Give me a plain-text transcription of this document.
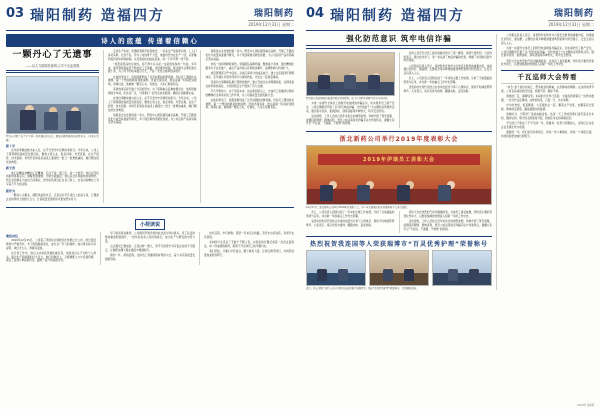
03 瑞阳制药 造福四方	瑞阳制药
2019年12月31日 星期二
诗人的底蕴 传递着信赖心
一颗丹心了无遗事
——以大力推陈医新的公司干无血管吸
图为公司职工在生产车间一线开展技术攻关，精益求精保障药品质量安全。（本报记者 摄）
新十字

在岗位奉献成就出彩人生，在平凡坚守中诠释使命担当。今年以来，公司上下紧紧围绕高质量发展目标，聚焦主责主业，锐意进取、攻坚克难，在生产经营、技术创新、市场开拓等各条战线上涌现出一批又一批勇挑重担、敢打硬仗的先进典型。

新干劲

他们以精益求精的工匠精神，专注于每一道工序、每一个细节；他们以开拓创新的进取意识，破解发展难题、开辟全新路径；他们以无私奉献的赤诚情怀，把企业的事业当成自己的事业，把岗位的责任扛在自己肩上，在各自的舞台上书写着不平凡的业绩。

新作为

一颗丹心为事业，满腔热血铸华章。正是这些平凡岗位上的奋斗者，汇聚起企业持续向上的强大合力，让高质量发展的步伐更加坚实有力。

走进生产车间，机器的轰鸣声此起彼伏，一条条生产线高速运转，工人们各司其职、忙而不乱。作为公司的骨干力量，他始终坚守在生产一线，从原辅料投料到中间体控制，从设备巡检到成品包装，每一个环节都一丝不苟。

“质量是药品的生命线，容不得半点马虎。”这是他常说的一句话。多年来，他带领班组成员不断优化工艺参数，改进操作规程，累计提出合理化建议数十条，为公司节约成本数百万元，产品一次性合格率稳步提升。

在他的带动下，班组逐渐形成了比学赶超的浓厚氛围。年轻员工遇到技术难题，第一个想到的就是找他请教；设备出现异常，他总是第一时间赶到现场。同事们说，他就像一颗定心丸，有他在，大家心里就有底。

荣誉的背后是无数个日夜的坚守。为了保障重点品种按期交付，他连续数周驻守车间，吃住在厂区，与同事们一起攻克技术瓶颈，确保任务圆满完成。

在岗位奉献成就出彩人生，在平凡坚守中诠释使命担当。今年以来，公司上下紧紧围绕高质量发展目标，聚焦主责主业，锐意进取、攻坚克难，在生产经营、技术创新、市场开拓等各条战线上涌现出一批又一批勇挑重担、敢打硬仗的先进典型。

创新是企业发展的第一动力。研发中心团队围绕重点品种，开展工艺路线优化与质量标准提升研究，多个项目取得突破性进展，为公司后续产品布局奠定坚实基础。

创新是企业发展的第一动力。研发中心团队围绕重点品种，开展工艺路线优化与质量标准提升研究，多个项目取得突破性进展，为公司后续产品布局奠定坚实基础。

市场一线同样捷报频传。营销团队深耕终端，聚焦客户需求，通过精细化服务与专业化推广，重点产品市场占有率稳步攀升，品牌影响力持续扩大。

质量管理部门严守底线，从供应商审计到成品放行，建立全流程闭环管理体系，全年通过多项外部审计与现场核查，未发生一起质量事故。

设备动力保障团队推行预防性维护，建立设备全生命周期档案，关键设备完好率保持高位，为连续稳定生产提供了有力支撑。

平凡孕育伟大，实干创造未来。站在新的起点上，全体员工将继续以昂扬的精神状态和务实的工作作风，为公司高质量发展贡献力量。

在他的带动下，班组逐渐形成了比学赶超的浓厚氛围。年轻员工遇到技术难题，第一个想到的就是找他请教；设备出现异常，他总是第一时间赶到现场。同事们说，他就像一颗定心丸，有他在，大家心里就有底。

小荷读说
聚焦岗位

2019年12月15日，公司第三季度综合绩效评比结果正式公布。经过层层筛选与严格考评，多个班组脱颖而出，成为全厂学习的榜样。他们用实际行动证明，岗位无大小，奉献有温度。

在日常工作中，他们主动承担急难险重任务，加班加点从不计较个人得失。面对生产高峰期的巨大压力，他们迎难而上，合理调配人力与设备资源，保证了各项订单按期交付，赢得了客户的高度评价。

学习培训同步推进。公司组织开展多轮技能比武与岗位练兵，员工队伍的整体素质明显提升，一批年轻技术人员迅速成长，成为生产与研发的中坚力量。

点点微光汇聚成炬。正是这样一群人，用平凡的坚守书写着企业的不凡篇章，让瑞阳这艘大船在激流中稳健前行。

新的一年，新的征程。全体员工将继续保持昂扬斗志，奋力书写高质量发展新答卷。

时光荏苒，岁月如歌。回望一年来走过的路，有汗水也有收获，有艰辛也有喜悦。

车间的灯火见证了无数个不眠之夜，实验室的仪器记录着一次次反复验证。每一份成绩的取得，都离不开全体员工的辛勤付出。

我们坚信，只要心中有信念，脚下就有力量。让我们携手同行，共同奔赴更加美好的明天。

04 瑞阳制药 造福四方	瑞阳制药
2019年12月31日 星期二
强化防范意识 筑牢电信诈骗
图为防范电信网络诈骗宣传教育活动现场，员工认真聆听讲解并参与互动问答。

为进一步提升全体员工的防范电信网络诈骗意识，切实保护员工财产安全，公司近期组织开展了以“防范电信诈骗、守护钱袋子”为主题的宣传教育活动，通过集中宣讲、案例剖析、现场答疑等多种形式，筑牢安全防线。

活动现场，工作人员结合近年来发生的典型案例，详细介绍了冒充客服、虚假投资理财、刷单返利、冒充公检法等常见诈骗手法与作案特点，提醒大家牢记“不轻信、不透露、不转账”的原则。

宣讲人员还针对员工提出的疑问进行了逐一解答，现场气氛热烈。大家纷纷表示，通过此次学习，进一步认清了电信诈骗的危害，掌握了实用的识别与防范技能。

公司相关负责人表示，将把防诈宣传作为日常安全教育的重要内容，持续通过宣传栏、微信群、主题班会等多种渠道推送典型案例与防范提示，让安全意识深入人心。

会上，公司负责人回顾总结了一年来的主要工作成绩，分析了当前面临的形势与任务，并对新一年的重点工作作出部署。

受表彰的先进代表结合自身岗位经历分享了心得体会，现场不时响起阵阵掌声。大家表示，将以先进为榜样，脚踏实地、奋发进取。

浙北新药公司举行2019年度表彰大会
2019年伊瑞员工表彰大会
12月27日，浙北新药公司举行2019年度表彰大会，对一年来涌现出的先进集体和个人进行表彰。

会上，公司负责人回顾总结了一年来的主要工作成绩，分析了当前面临的形势与任务，并对新一年的重点工作作出部署。

受表彰的先进代表结合自身岗位经历分享了心得体会，现场不时响起阵阵掌声。大家表示，将以先进为榜样，脚踏实地、奋发进取。

表彰大会在热烈的气氛中圆满结束。全体员工备受鼓舞，纷纷表示要把荣誉化作动力，以更加饱满的热情投入到新一年的工作中去。

活动现场，工作人员结合近年来发生的典型案例，详细介绍了冒充客服、虚假投资理财、刷单返利、冒充公检法等常见诈骗手法与作案特点，提醒大家牢记“不轻信、不透露、不转账”的原则。

热烈祝贺我连国等人荣获瑞博市“百灵优秀护理”荣誉称号
近日，我公司职工国等人在全市职业技能竞赛中表现优异，荣获“百灵优秀护理”荣誉称号，受到通报表扬。

公司相关负责人表示，将把防诈宣传作为日常安全教育的重要内容，持续通过宣传栏、微信群、主题班会等多种渠道推送典型案例与防范提示，让安全意识深入人心。

为进一步提升全体员工的防范电信网络诈骗意识，切实保护员工财产安全，公司近期组织开展了以“防范电信诈骗、守护钱袋子”为主题的宣传教育活动，通过集中宣讲、案例剖析、现场答疑等多种形式，筑牢安全防线。

表彰大会在热烈的气氛中圆满结束。全体员工备受鼓舞，纷纷表示要把荣誉化作动力，以更加饱满的热情投入到新一年的工作中去。

千瓦巡师大会特看

“初冬”是个美好的词汇，既有收获的厚重，也有静待的期盼。在这样的季节里，公司各条战线依旧忙碌，机器不停、脚步不停。

清晨的厂区，薄雾轻笼。车间的灯光早已亮起，交接班的同事们一边核对数据，一边交代注意事项。这样的场景，日复一日，从未间断。

中午的食堂，饭菜飘香。大家围坐在一起，聊着生产进度，也聊着家长里短。简单的话语里，藏着最踏实的温情。

傍晚时分，夕阳把厂房染成暖金色。结束一天工作的同事们谈笑着走出车间，脚步轻快。明天的太阳照常升起，新的任务也将如期而至。

平凡的日子串成了不平凡的一年。感谢每一位努力奔跑的人，是你们让这家企业充满生机与希望。

愿新的一年，我们依旧并肩同行，把每一件小事做好，把每一个承诺兑现，共同迎接更加灿烂的明天。

2019年 第4期
